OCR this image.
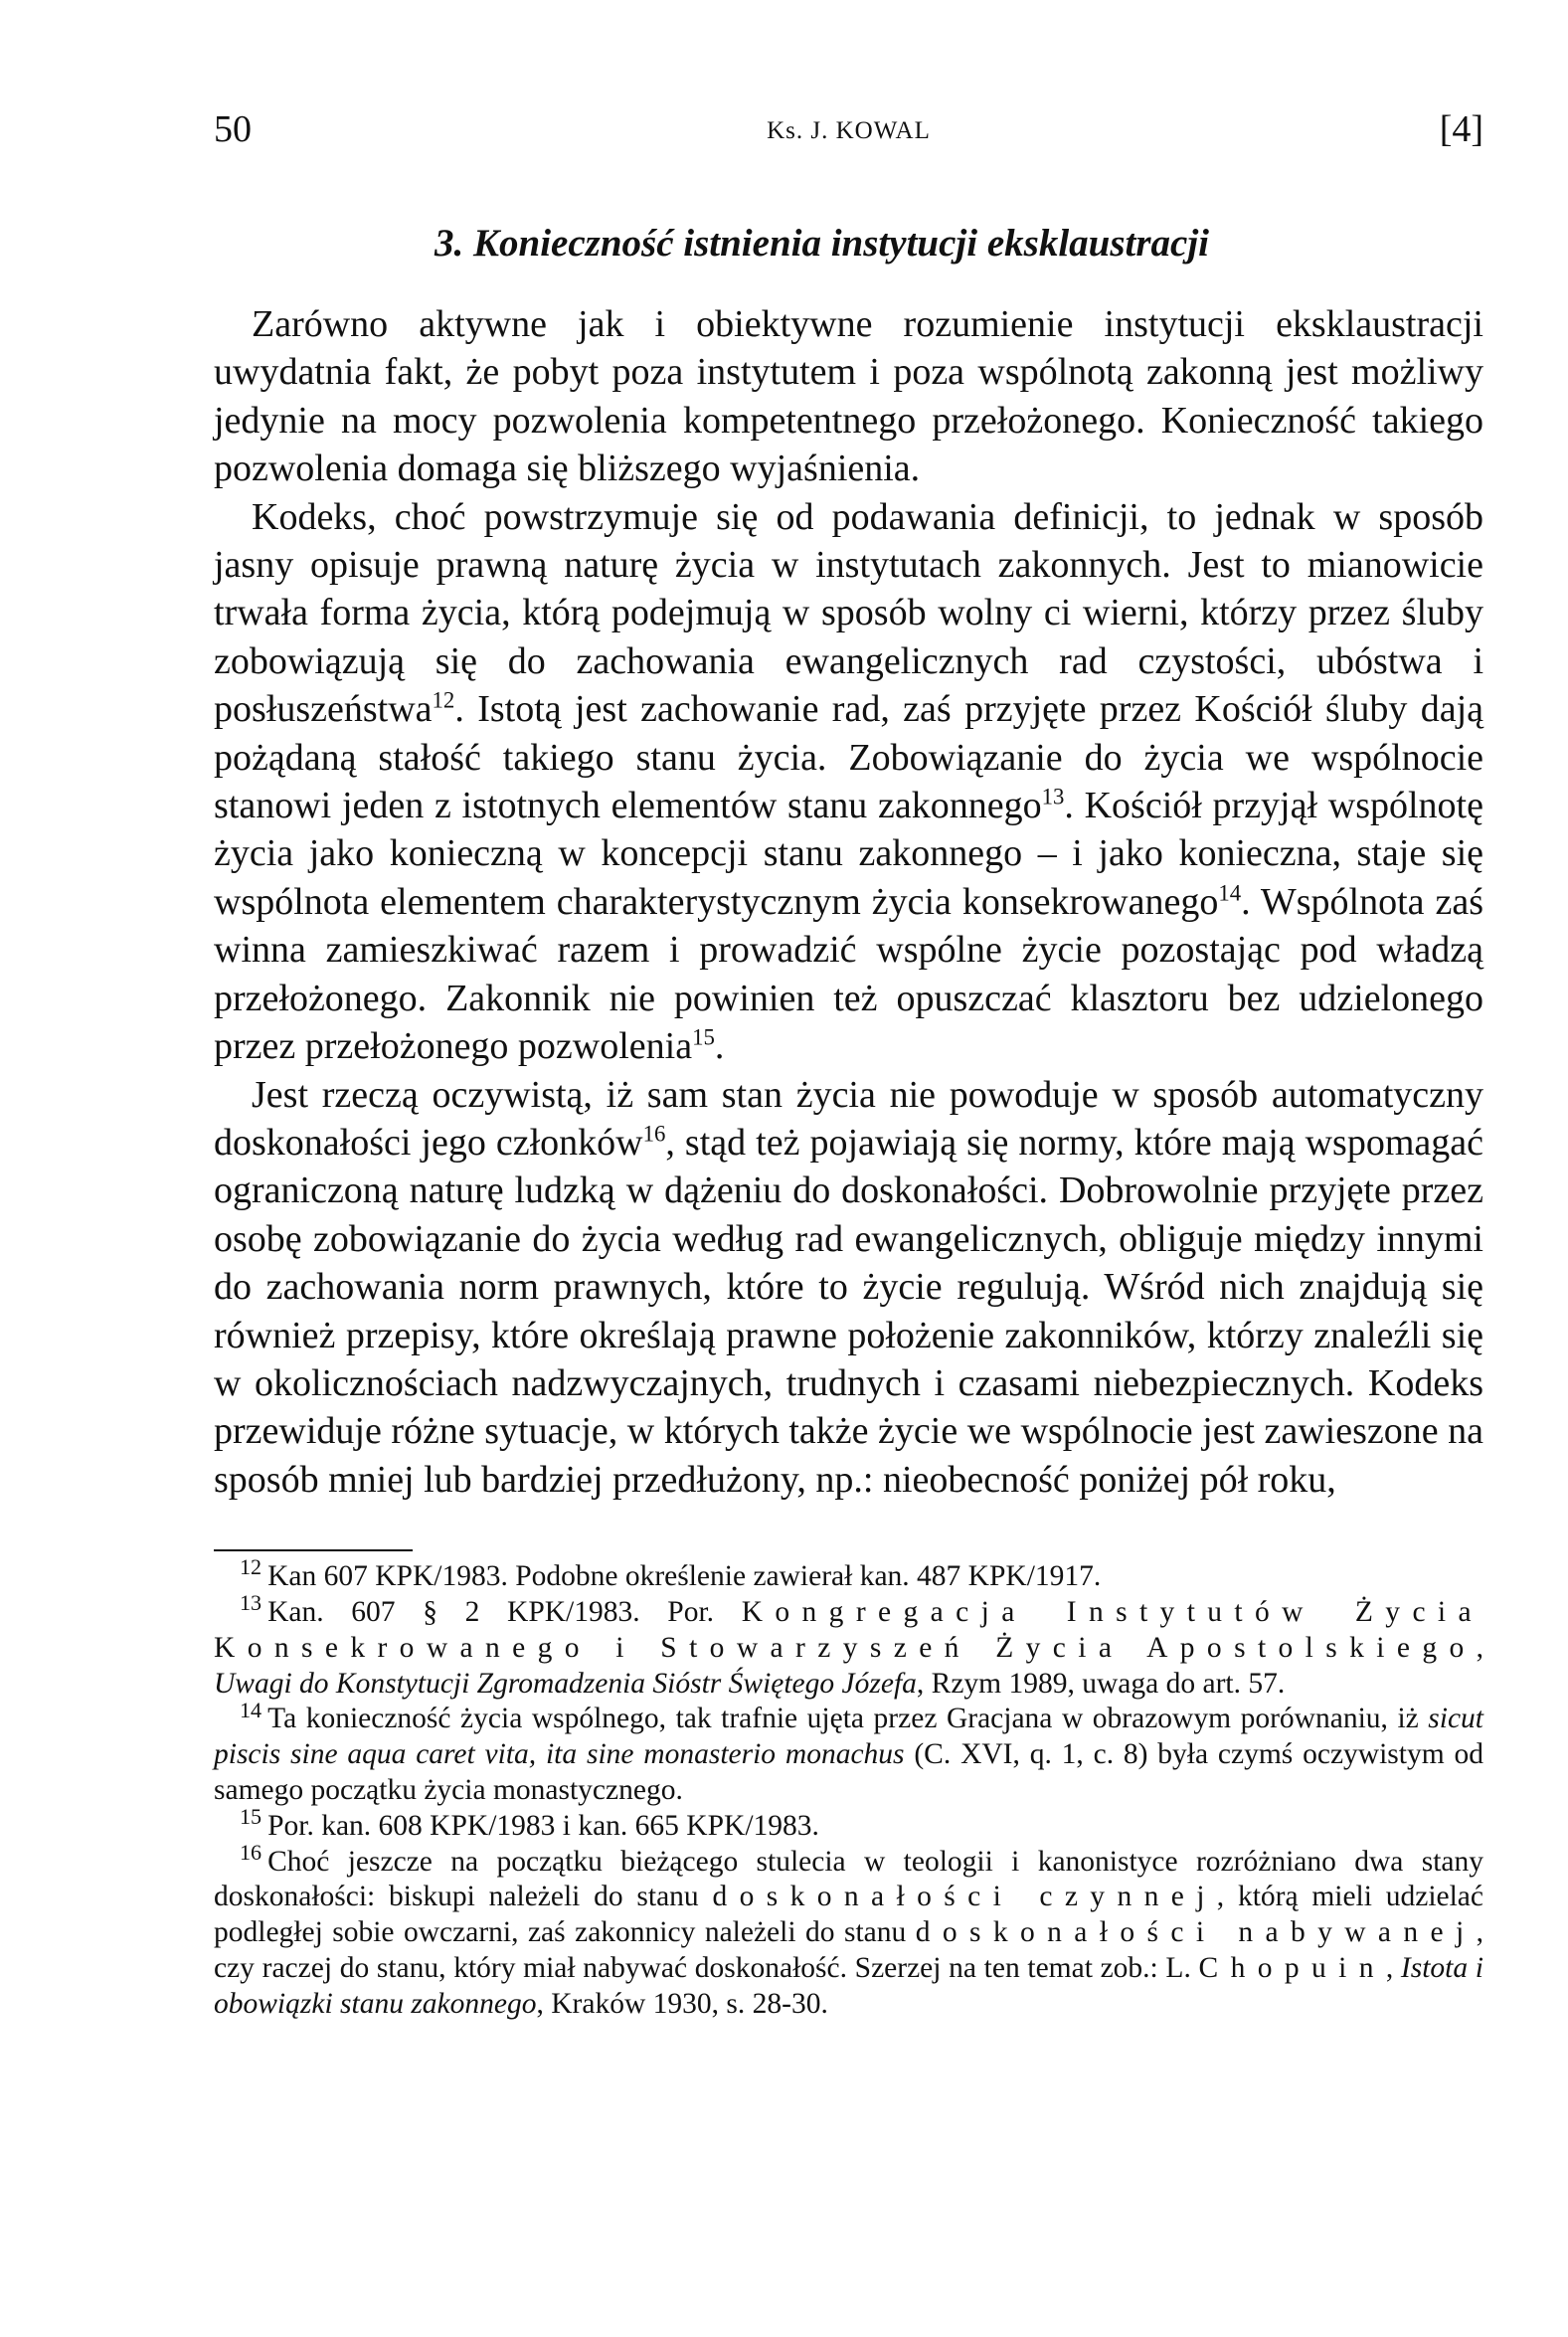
50	Ks. J. KOWAL	[4]
3. Konieczność istnienia instytucji eksklaustracji

Zarówno aktywne jak i obiektywne rozumienie instytucji eksklaustracji uwydatnia fakt, że pobyt poza instytutem i poza wspólnotą zakonną jest możliwy jedynie na mocy pozwolenia kompetentnego przełożonego. Konieczność takiego pozwolenia domaga się bliższego wyjaśnienia.

Kodeks, choć powstrzymuje się od podawania definicji, to jednak w sposób jasny opisuje prawną naturę życia w instytutach zakonnych. Jest to mianowicie trwała forma życia, którą podejmują w sposób wolny ci wierni, którzy przez śluby zobowiązują się do zachowania ewangelicznych rad czystości, ubóstwa i posłuszeństwa$^{12}$. Istotą jest zachowanie rad, zaś przyjęte przez Kościół śluby dają pożądaną stałość takiego stanu życia. Zobowiązanie do życia we wspólnocie stanowi jeden z istotnych elementów stanu zakonnego$^{13}$. Kościół przyjął wspólnotę życia jako konieczną w koncepcji stanu zakonnego – i jako konieczna, staje się wspólnota elementem charakterystycznym życia konsekrowanego$^{14}$. Wspólnota zaś winna zamieszkiwać razem i prowadzić wspólne życie pozostając pod władzą przełożonego. Zakonnik nie powinien też opuszczać klasztoru bez udzielonego przez przełożonego pozwolenia$^{15}$.

Jest rzeczą oczywistą, iż sam stan życia nie powoduje w sposób automatyczny doskonałości jego członków$^{16}$, stąd też pojawiają się normy, które mają wspomagać ograniczoną naturę ludzką w dążeniu do doskonałości. Dobrowolnie przyjęte przez osobę zobowiązanie do życia według rad ewangelicznych, obliguje między innymi do zachowania norm prawnych, które to życie regulują. Wśród nich znajdują się również przepisy, które określają prawne położenie zakonników, którzy znaleźli się w okolicznościach nadzwyczajnych, trudnych i czasami niebezpiecznych. Kodeks przewiduje różne sytuacje, w których także życie we wspólnocie jest zawieszone na sposób mniej lub bardziej przedłużony, np.: nieobecność poniżej pół roku,

$^{12}$ Kan 607 KPK/1983. Podobne określenie zawierał kan. 487 KPK/1917.

$^{13}$ Kan. 607 § 2 KPK/1983. Por. Kongregacja Instytutów Życia Konsekrowanego i Stowarzyszeń Życia Apostolskiego, Uwagi do Konstytucji Zgromadzenia Sióstr Świętego Józefa, Rzym 1989, uwaga do art. 57.

$^{14}$ Ta konieczność życia wspólnego, tak trafnie ujęta przez Gracjana w obrazowym porównaniu, iż sicut piscis sine aqua caret vita, ita sine monasterio monachus (C. XVI, q. 1, c. 8) była czymś oczywistym od samego początku życia monastycznego.

$^{15}$ Por. kan. 608 KPK/1983 i kan. 665 KPK/1983.

$^{16}$ Choć jeszcze na początku bieżącego stulecia w teologii i kanonistyce rozróżniano dwa stany doskonałości: biskupi należeli do stanu doskonałości czynnej, którą mieli udzielać podległej sobie owczarni, zaś zakonnicy należeli do stanu doskonałości nabywanej, czy raczej do stanu, który miał nabywać doskonałość. Szerzej na ten temat zob.: L. Chopuin, Istota i obowiązki stanu zakonnego, Kraków 1930, s. 28-30.
